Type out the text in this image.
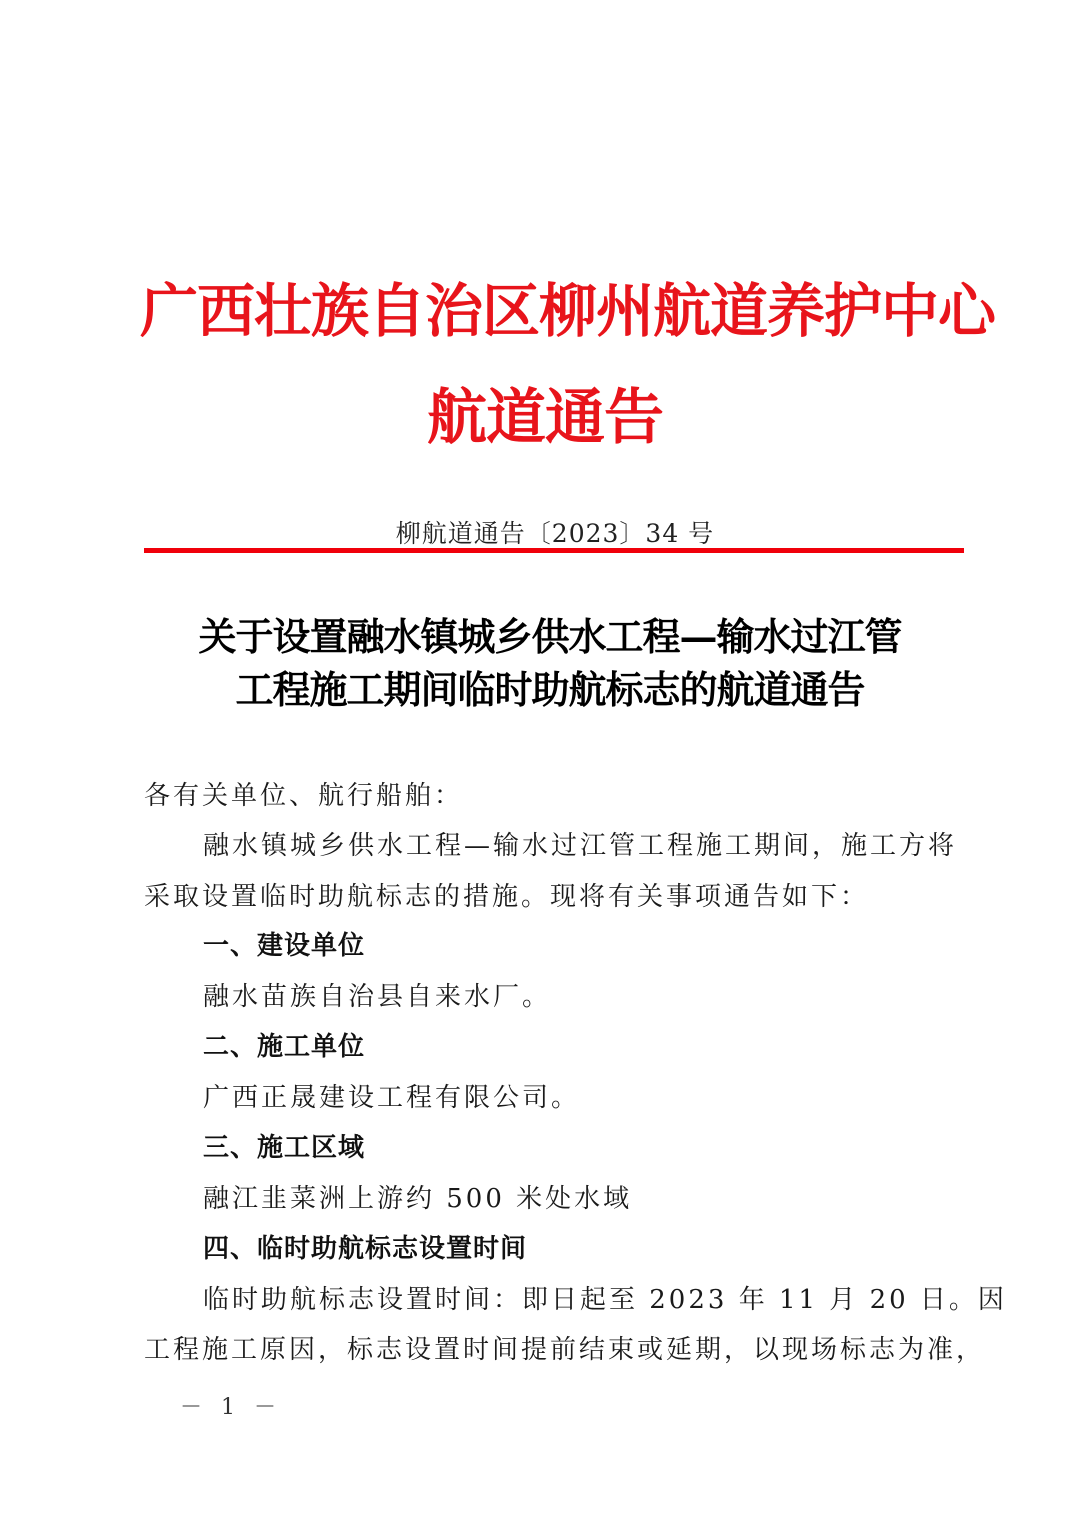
广西壮族自治区柳州航道养护中心
航道通告
柳航道通告〔2023〕34 号
关于设置融水镇城乡供水工程—输水过江管
工程施工期间临时助航标志的航道通告
各有关单位、航行船舶：
融水镇城乡供水工程—输水过江管工程施工期间，施工方将
采取设置临时助航标志的措施。现将有关事项通告如下：
一、建设单位
融水苗族自治县自来水厂。
二、施工单位
广西正晟建设工程有限公司。
三、施工区域
融江韭菜洲上游约 500 米处水域
四、临时助航标志设置时间
临时助航标志设置时间：即日起至 2023 年 11 月 20 日。因
工程施工原因，标志设置时间提前结束或延期，以现场标志为准，
－ 1 －
